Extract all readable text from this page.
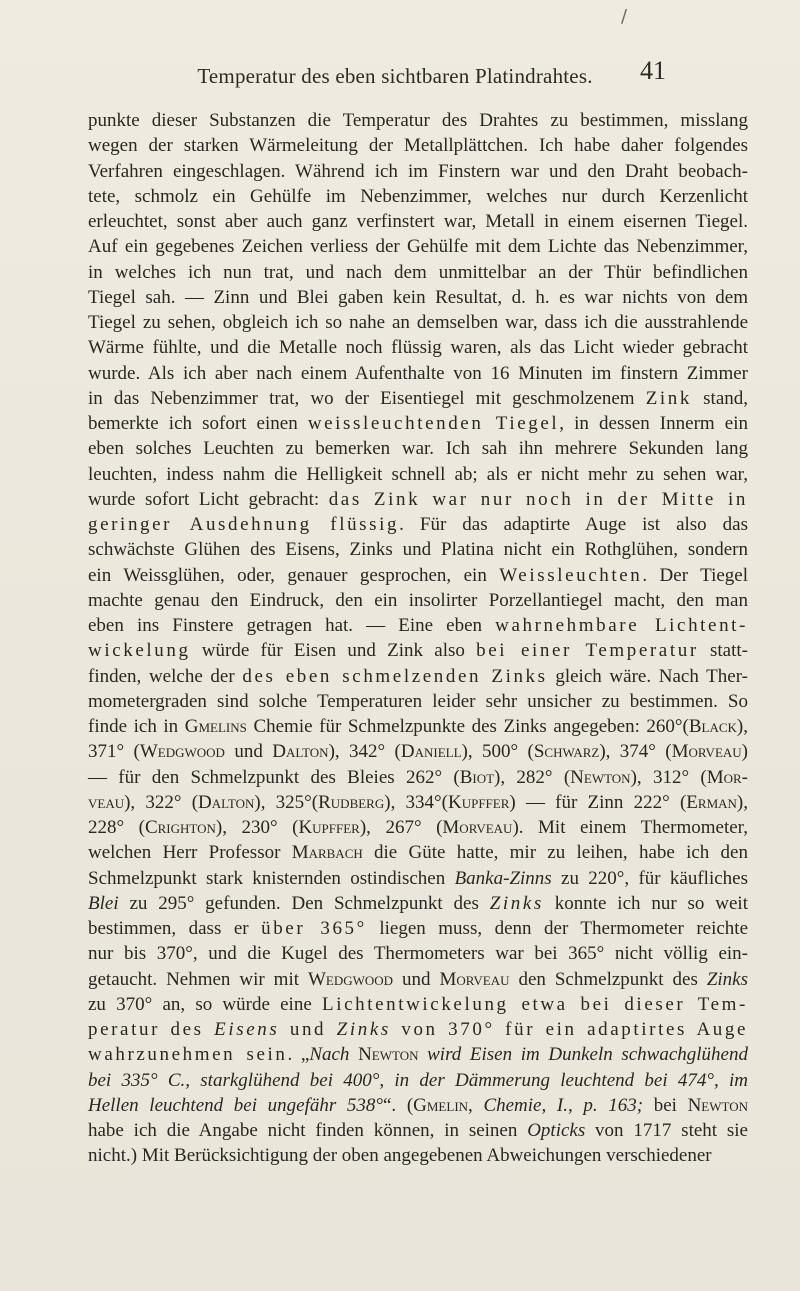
/
Temperatur des eben sichtbaren Platindrahtes.	41
punkte dieser Substanzen die Temperatur des Drahtes zu bestimmen, misslang
wegen der starken Wärmeleitung der Metallplättchen. Ich habe daher folgendes
Verfahren eingeschlagen. Während ich im Finstern war und den Draht beobach-
tete, schmolz ein Gehülfe im Nebenzimmer, welches nur durch Kerzenlicht
erleuchtet, sonst aber auch ganz verfinstert war, Metall in einem eisernen Tiegel.
Auf ein gegebenes Zeichen verliess der Gehülfe mit dem Lichte das Nebenzimmer,
in welches ich nun trat, und nach dem unmittelbar an der Thür befindlichen
Tiegel sah. — Zinn und Blei gaben kein Resultat, d. h. es war nichts von dem
Tiegel zu sehen, obgleich ich so nahe an demselben war, dass ich die ausstrahlende
Wärme fühlte, und die Metalle noch flüssig waren, als das Licht wieder gebracht
wurde. Als ich aber nach einem Aufenthalte von 16 Minuten im finstern Zimmer
in das Nebenzimmer trat, wo der Eisentiegel mit geschmolzenem Zink stand,
bemerkte ich sofort einen weissleuchtenden Tiegel, in dessen Innerm ein
eben solches Leuchten zu bemerken war. Ich sah ihn mehrere Sekunden lang
leuchten, indess nahm die Helligkeit schnell ab; als er nicht mehr zu sehen war,
wurde sofort Licht gebracht: das Zink war nur noch in der Mitte in
geringer Ausdehnung flüssig. Für das adaptirte Auge ist also das
schwächste Glühen des Eisens, Zinks und Platina nicht ein Rothglühen, sondern
ein Weissglühen, oder, genauer gesprochen, ein Weissleuchten. Der Tiegel
machte genau den Eindruck, den ein insolirter Porzellantiegel macht, den man
eben ins Finstere getragen hat. — Eine eben wahrnehmbare Lichtent-
wickelung würde für Eisen und Zink also bei einer Temperatur statt-
finden, welche der des eben schmelzenden Zinks gleich wäre. Nach Ther-
mometergraden sind solche Temperaturen leider sehr unsicher zu bestimmen. So
finde ich in Gmelins Chemie für Schmelzpunkte des Zinks angegeben: 260°(Black),
371° (Wedgwood und Dalton), 342° (Daniell), 500° (Schwarz), 374° (Morveau)
— für den Schmelzpunkt des Bleies 262° (Biot), 282° (Newton), 312° (Mor-
veau), 322° (Dalton), 325°(Rudberg), 334°(Kupffer) — für Zinn 222° (Erman),
228° (Crighton), 230° (Kupffer), 267° (Morveau). Mit einem Thermometer,
welchen Herr Professor Marbach die Güte hatte, mir zu leihen, habe ich den
Schmelzpunkt stark knisternden ostindischen Banka-Zinns zu 220°, für käufliches
Blei zu 295° gefunden. Den Schmelzpunkt des Zinks konnte ich nur so weit
bestimmen, dass er über 365° liegen muss, denn der Thermometer reichte
nur bis 370°, und die Kugel des Thermometers war bei 365° nicht völlig ein-
getaucht. Nehmen wir mit Wedgwood und Morveau den Schmelzpunkt des Zinks
zu 370° an, so würde eine Lichtentwickelung etwa bei dieser Tem-
peratur des Eisens und Zinks von 370° für ein adaptirtes Auge
wahrzunehmen sein. „Nach Newton wird Eisen im Dunkeln schwachglühend
bei 335° C., starkglühend bei 400°, in der Dämmerung leuchtend bei 474°, im
Hellen leuchtend bei ungefähr 538°“. (Gmelin, Chemie, I., p. 163; bei Newton
habe ich die Angabe nicht finden können, in seinen Opticks von 1717 steht sie
nicht.) Mit Berücksichtigung der oben angegebenen Abweichungen verschiedener
